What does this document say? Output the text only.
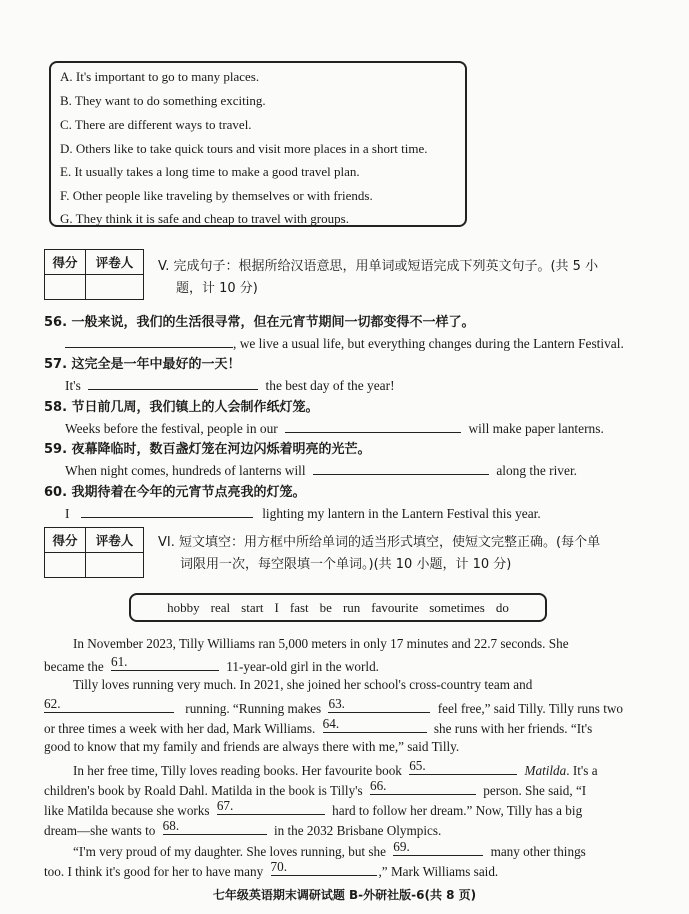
A. It's important to go to many places.
B. They want to do something exciting.
C. There are different ways to travel.
D. Others like to take quick tours and visit more places in a short time.
E. It usually takes a long time to make a good travel plan.
F. Other people like traveling by themselves or with friends.
G. They think it is safe and cheap to travel with groups.
得分	评卷人
	V. 完成句子：根据所给汉语意思，用单词或短语完成下列英文句子。(共 5 小
题，计 10 分)
56. 一般来说，我们的生活很寻常，但在元宵节期间一切都变得不一样了。
, we live a usual life, but everything changes during the Lantern Festival.
57. 这完全是一年中最好的一天！
It's	the best day of the year!
58. 节日前几周，我们镇上的人会制作纸灯笼。
Weeks before the festival, people in our	will make paper lanterns.
59. 夜幕降临时，数百盏灯笼在河边闪烁着明亮的光芒。
When night comes, hundreds of lanterns will	along the river.
60. 我期待着在今年的元宵节点亮我的灯笼。
I	lighting my lantern in the Lantern Festival this year.
得分	评卷人
	VI. 短文填空：用方框中所给单词的适当形式填空，使短文完整正确。(每个单
词限用一次，每空限填一个单词。)(共 10 小题，计 10 分)
hobby real start I fast be run favourite sometimes do
In November 2023, Tilly Williams ran 5,000 meters in only 17 minutes and 22.7 seconds. She
became the 61.	11-year-old girl in the world.
Tilly loves running very much. In 2021, she joined her school's cross-country team and
62.	running. “Running makes 63.	feel free,” said Tilly. Tilly runs two
or three times a week with her dad, Mark Williams. 64.	she runs with her friends. “It's
good to know that my family and friends are always there with me,” said Tilly.
In her free time, Tilly loves reading books. Her favourite book 65.	Matilda. It's a
children's book by Roald Dahl. Matilda in the book is Tilly's 66.	person. She said, “I
like Matilda because she works 67.	hard to follow her dream.” Now, Tilly has a big
dream—she wants to 68.	in the 2032 Brisbane Olympics.
“I'm very proud of my daughter. She loves running, but she 69.	many other things
too. I think it's good for her to have many 70.	,” Mark Williams said.
七年级英语期末调研试题 B-外研社版-6(共 8 页)
